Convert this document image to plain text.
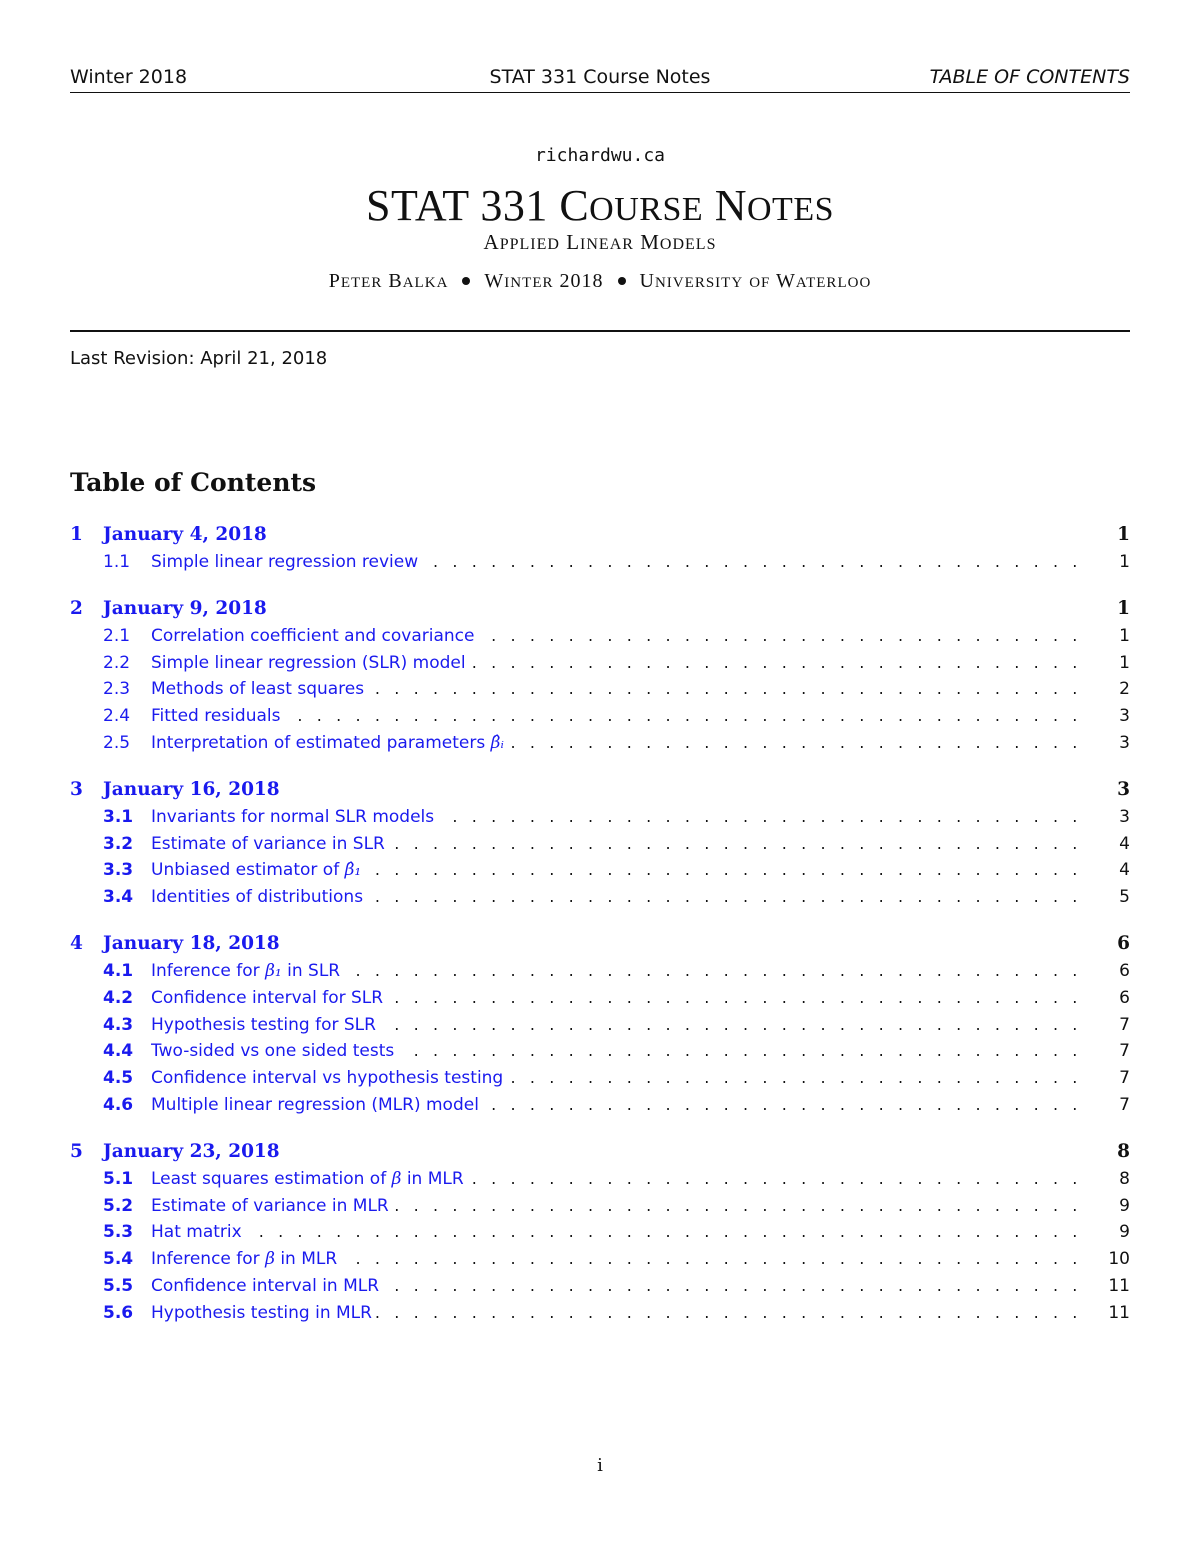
Winter 2018	STAT 331 Course Notes	TABLE OF CONTENTS
richardwu.ca
STAT 331 COURSE NOTES
APPLIED LINEAR MODELS
PETER BALKA WINTER 2018 UNIVERSITY OF WATERLOO
Last Revision: April 21, 2018
Table of Contents
1 January 4, 2018	1
1.1 Simple linear regression review . . .	1
2 January 9, 2018	1
2.1 Correlation coefficient and covariance . . .	1
2.2 Simple linear regression (SLR) model . . .	1
2.3 Methods of least squares . . .	2
2.4 Fitted residuals . . .	3
2.5 Interpretation of estimated parameters β̂ᵢ . . .	3
3 January 16, 2018	3
3.1 Invariants for normal SLR models . . .	3
3.2 Estimate of variance in SLR . . .	4
3.3 Unbiased estimator of β̂₁ . . .	4
3.4 Identities of distributions . . .	5
4 January 18, 2018	6
4.1 Inference for β₁ in SLR . . .	6
4.2 Confidence interval for SLR . . .	6
4.3 Hypothesis testing for SLR . . .	7
4.4 Two-sided vs one sided tests . . .	7
4.5 Confidence interval vs hypothesis testing . . .	7
4.6 Multiple linear regression (MLR) model . . .	7
5 January 23, 2018	8
5.1 Least squares estimation of β in MLR . . .	8
5.2 Estimate of variance in MLR . . .	9
5.3 Hat matrix . . .	9
5.4 Inference for β in MLR . . .	10
5.5 Confidence interval in MLR . . .	11
5.6 Hypothesis testing in MLR . . .	11
i
